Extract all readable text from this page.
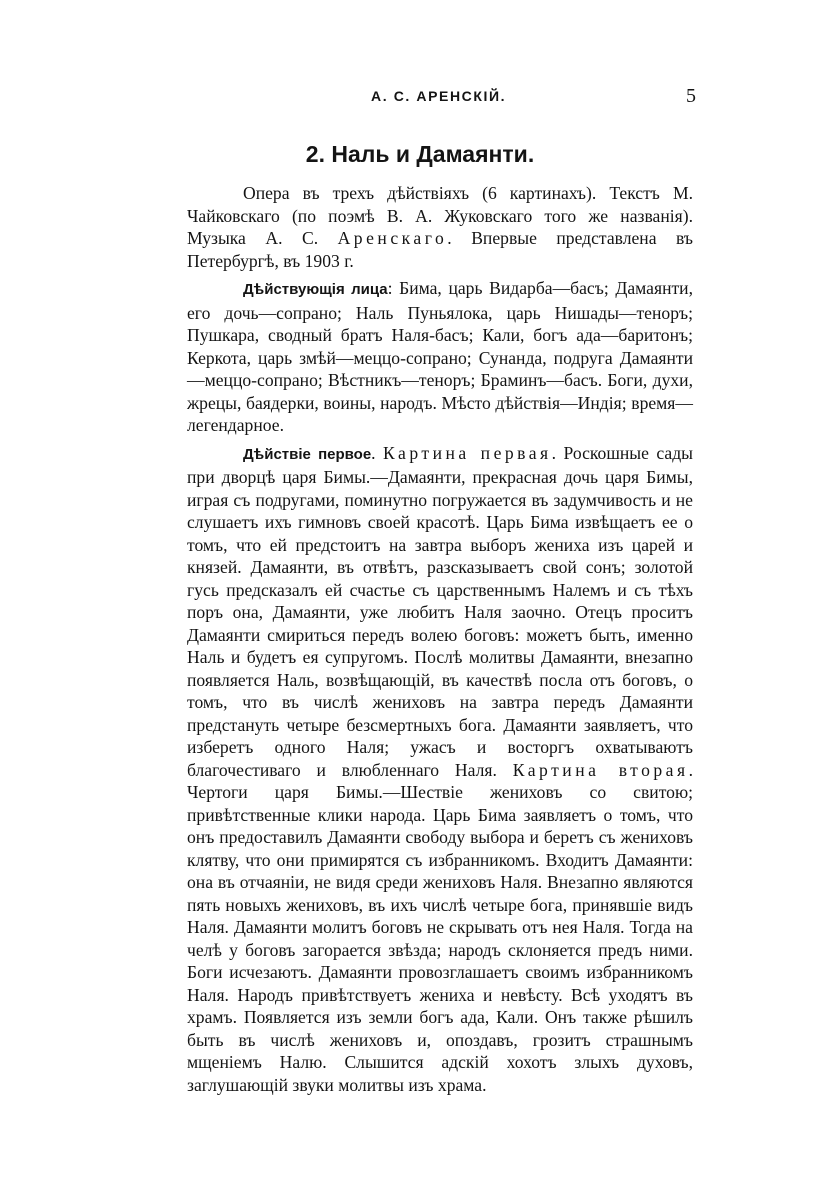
А. С. АРЕНСКІЙ.	5
2. Наль и Дамаянти.

Опера въ трехъ дѣйствіяхъ (6 картинахъ). Текстъ М. Чайковскаго (по поэмѣ В. А. Жуковскаго того же названія). Музыка А. С. Аренскаго. Впервые представлена въ Петербургѣ, въ 1903 г.

Дѣйствующія лица: Бима, царь Видарба—басъ; Дамаянти, его дочь—сопрано; Наль Пуньялока, царь Нишады—теноръ; Пушкара, сводный братъ Наля-басъ; Кали, богъ ада—баритонъ; Керкота, царь змѣй—меццо-сопрано; Сунанда, подруга Дамаянти—меццо-сопрано; Вѣстникъ—теноръ; Браминъ—басъ. Боги, духи, жрецы, баядерки, воины, народъ. Мѣсто дѣйствія—Индія; время—легендарное.

Дѣйствіе первое. Картина первая. Роскошные сады при дворцѣ царя Бимы.—Дамаянти, прекрасная дочь царя Бимы, играя съ подругами, поминутно погружается въ задумчивость и не слушаетъ ихъ гимновъ своей красотѣ. Царь Бима извѣщаетъ ее о томъ, что ей предстоитъ на завтра выборъ жениха изъ царей и князей. Дамаянти, въ отвѣтъ, разсказываетъ свой сонъ; золотой гусь предсказалъ ей счастье съ царственнымъ Налемъ и съ тѣхъ поръ она, Дамаянти, уже любитъ Наля заочно. Отецъ проситъ Дамаянти смириться передъ волею боговъ: можетъ быть, именно Наль и будетъ ея супругомъ. Послѣ молитвы Дамаянти, внезапно появляется Наль, возвѣщающій, въ качествѣ посла отъ боговъ, о томъ, что въ числѣ жениховъ на завтра передъ Дамаянти предстануть четыре безсмертныхъ бога. Дамаянти заявляетъ, что изберетъ одного Наля; ужасъ и восторгъ охватываютъ благочестиваго и влюбленнаго Наля. Картина вторая. Чертоги царя Бимы.—Шествіе жениховъ со свитою; привѣтственные клики народа. Царь Бима заявляетъ о томъ, что онъ предоставилъ Дамаянти свободу выбора и беретъ съ жениховъ клятву, что они примирятся съ избранникомъ. Входитъ Дамаянти: она въ отчаяніи, не видя среди жениховъ Наля. Внезапно являются пять новыхъ жениховъ, въ ихъ числѣ четыре бога, принявшіе видъ Наля. Дамаянти молитъ боговъ не скрывать отъ нея Наля. Тогда на челѣ у боговъ загорается звѣзда; народъ склоняется предъ ними. Боги исчезаютъ. Дамаянти провозглашаетъ своимъ избранникомъ Наля. Народъ привѣтствуетъ жениха и невѣсту. Всѣ уходятъ въ храмъ. Появляется изъ земли богъ ада, Кали. Онъ также рѣшилъ быть въ числѣ жениховъ и, опоздавъ, грозитъ страшнымъ мщеніемъ Налю. Слышится адскій хохотъ злыхъ духовъ, заглушающій звуки молитвы изъ храма.
